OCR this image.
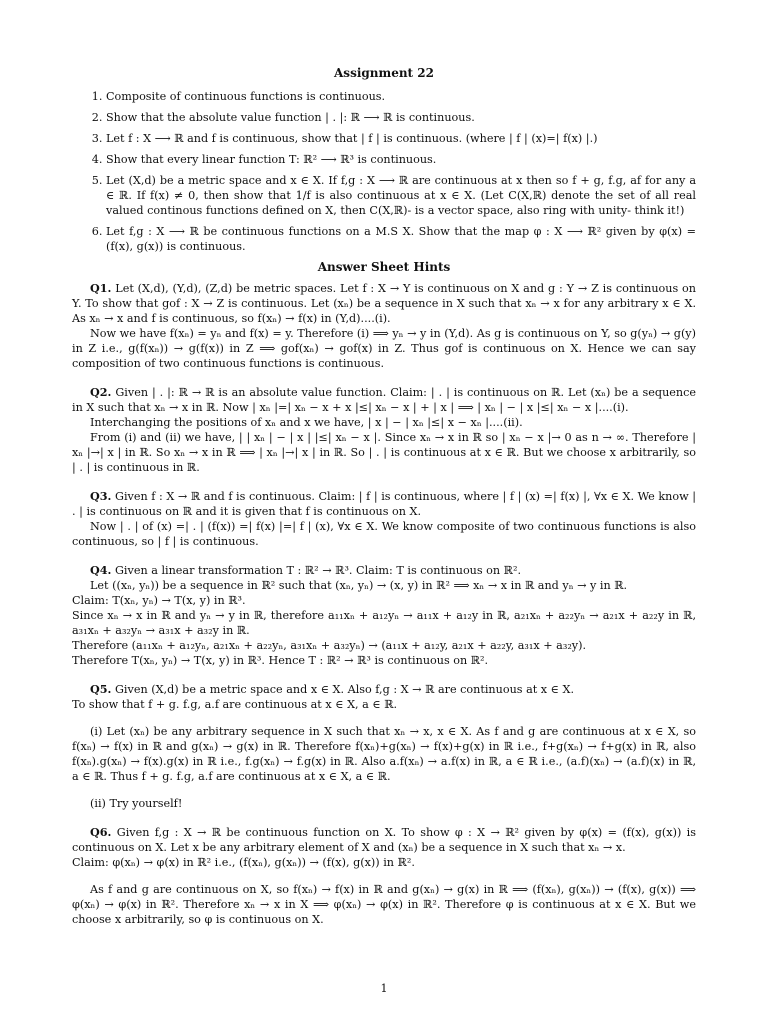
Assignment 22
1. Composite of continuous functions is continuous.
2. Show that the absolute value function | . |: ℝ ⟶ ℝ is continuous.
3. Let f : X ⟶ ℝ and f is continuous, show that | f | is continuous. (where | f | (x)=| f(x) |.)
4. Show that every linear function T: ℝ² ⟶ ℝ³ is continuous.
5. Let (X,d) be a metric space and x ∈ X. If f,g : X ⟶ ℝ are continuous at x then so f + g, f.g, af for any a ∈ ℝ. If f(x) ≠ 0, then show that 1/f is also continuous at x ∈ X. (Let C(X,ℝ) denote the set of all real valued continous functions defined on X, then C(X,ℝ)- is a vector space, also ring with unity- think it!)
6. Let f,g : X ⟶ ℝ be continuous functions on a M.S X. Show that the map φ : X ⟶ ℝ² given by φ(x) = (f(x), g(x)) is continuous.
Answer Sheet Hints

Q1. Let (X,d), (Y,d), (Z,d) be metric spaces. Let f : X → Y is continuous on X and g : Y → Z is continuous on Y. To show that gof : X → Z is continuous. Let (xₙ) be a sequence in X such that xₙ → x for any arbitrary x ∈ X. As xₙ → x and f is continuous, so f(xₙ) → f(x) in (Y,d)....(i).

Now we have f(xₙ) = yₙ and f(x) = y. Therefore (i) ⟹ yₙ → y in (Y,d). As g is continuous on Y, so g(yₙ) → g(y) in Z i.e., g(f(xₙ)) → g(f(x)) in Z ⟹ gof(xₙ) → gof(x) in Z. Thus gof is continuous on X. Hence we can say composition of two continuous functions is continuous.

Q2. Given | . |: ℝ → ℝ is an absolute value function. Claim: | . | is continuous on ℝ. Let (xₙ) be a sequence in X such that xₙ → x in ℝ. Now | xₙ |=| xₙ − x + x |≤| xₙ − x | + | x | ⟹ | xₙ | − | x |≤| xₙ − x |....(i).

Interchanging the positions of xₙ and x we have, | x | − | xₙ |≤| x − xₙ |....(ii).

From (i) and (ii) we have, | | xₙ | − | x | |≤| xₙ − x |. Since xₙ → x in ℝ so | xₙ − x |→ 0 as n → ∞. Therefore | xₙ |→| x | in ℝ. So xₙ → x in ℝ ⟹ | xₙ |→| x | in ℝ. So | . | is continuous at x ∈ ℝ. But we choose x arbitrarily, so | . | is continuous in ℝ.

Q3. Given f : X → ℝ and f is continuous. Claim: | f | is continuous, where | f | (x) =| f(x) |, ∀x ∈ X. We know | . | is continuous on ℝ and it is given that f is continuous on X.

Now | . | of (x) =| . | (f(x)) =| f(x) |=| f | (x), ∀x ∈ X. We know composite of two continuous functions is also continuous, so | f | is continuous.

Q4. Given a linear transformation T : ℝ² → ℝ³. Claim: T is continuous on ℝ².

Let ((xₙ, yₙ)) be a sequence in ℝ² such that (xₙ, yₙ) → (x, y) in ℝ² ⟹ xₙ → x in ℝ and yₙ → y in ℝ.

Claim: T(xₙ, yₙ) → T(x, y) in ℝ³.

Since xₙ → x in ℝ and yₙ → y in ℝ, therefore a₁₁xₙ + a₁₂yₙ → a₁₁x + a₁₂y in ℝ, a₂₁xₙ + a₂₂yₙ → a₂₁x + a₂₂y in ℝ, a₃₁xₙ + a₃₂yₙ → a₃₁x + a₃₂y in ℝ.

Therefore (a₁₁xₙ + a₁₂yₙ, a₂₁xₙ + a₂₂yₙ, a₃₁xₙ + a₃₂yₙ) → (a₁₁x + a₁₂y, a₂₁x + a₂₂y, a₃₁x + a₃₂y).

Therefore T(xₙ, yₙ) → T(x, y) in ℝ³. Hence T : ℝ² → ℝ³ is continuous on ℝ².

Q5. Given (X,d) be a metric space and x ∈ X. Also f,g : X → ℝ are continuous at x ∈ X.

To show that f + g. f.g, a.f are continuous at x ∈ X, a ∈ ℝ.

(i) Let (xₙ) be any arbitrary sequence in X such that xₙ → x, x ∈ X. As f and g are continuous at x ∈ X, so f(xₙ) → f(x) in ℝ and g(xₙ) → g(x) in ℝ. Therefore f(xₙ)+g(xₙ) → f(x)+g(x) in ℝ i.e., f+g(xₙ) → f+g(x) in ℝ, also f(xₙ).g(xₙ) → f(x).g(x) in ℝ i.e., f.g(xₙ) → f.g(x) in ℝ. Also a.f(xₙ) → a.f(x) in ℝ, a ∈ ℝ i.e., (a.f)(xₙ) → (a.f)(x) in ℝ, a ∈ ℝ. Thus f + g. f.g, a.f are continuous at x ∈ X, a ∈ ℝ.

(ii) Try yourself!

Q6. Given f,g : X → ℝ be continuous function on X. To show φ : X → ℝ² given by φ(x) = (f(x), g(x)) is continuous on X. Let x be any arbitrary element of X and (xₙ) be a sequence in X such that xₙ → x.

Claim: φ(xₙ) → φ(x) in ℝ² i.e., (f(xₙ), g(xₙ)) → (f(x), g(x)) in ℝ².

As f and g are continuous on X, so f(xₙ) → f(x) in ℝ and g(xₙ) → g(x) in ℝ ⟹ (f(xₙ), g(xₙ)) → (f(x), g(x)) ⟹ φ(xₙ) → φ(x) in ℝ². Therefore xₙ → x in X ⟹ φ(xₙ) → φ(x) in ℝ². Therefore φ is continuous at x ∈ X. But we choose x arbitrarily, so φ is continuous on X.

1
